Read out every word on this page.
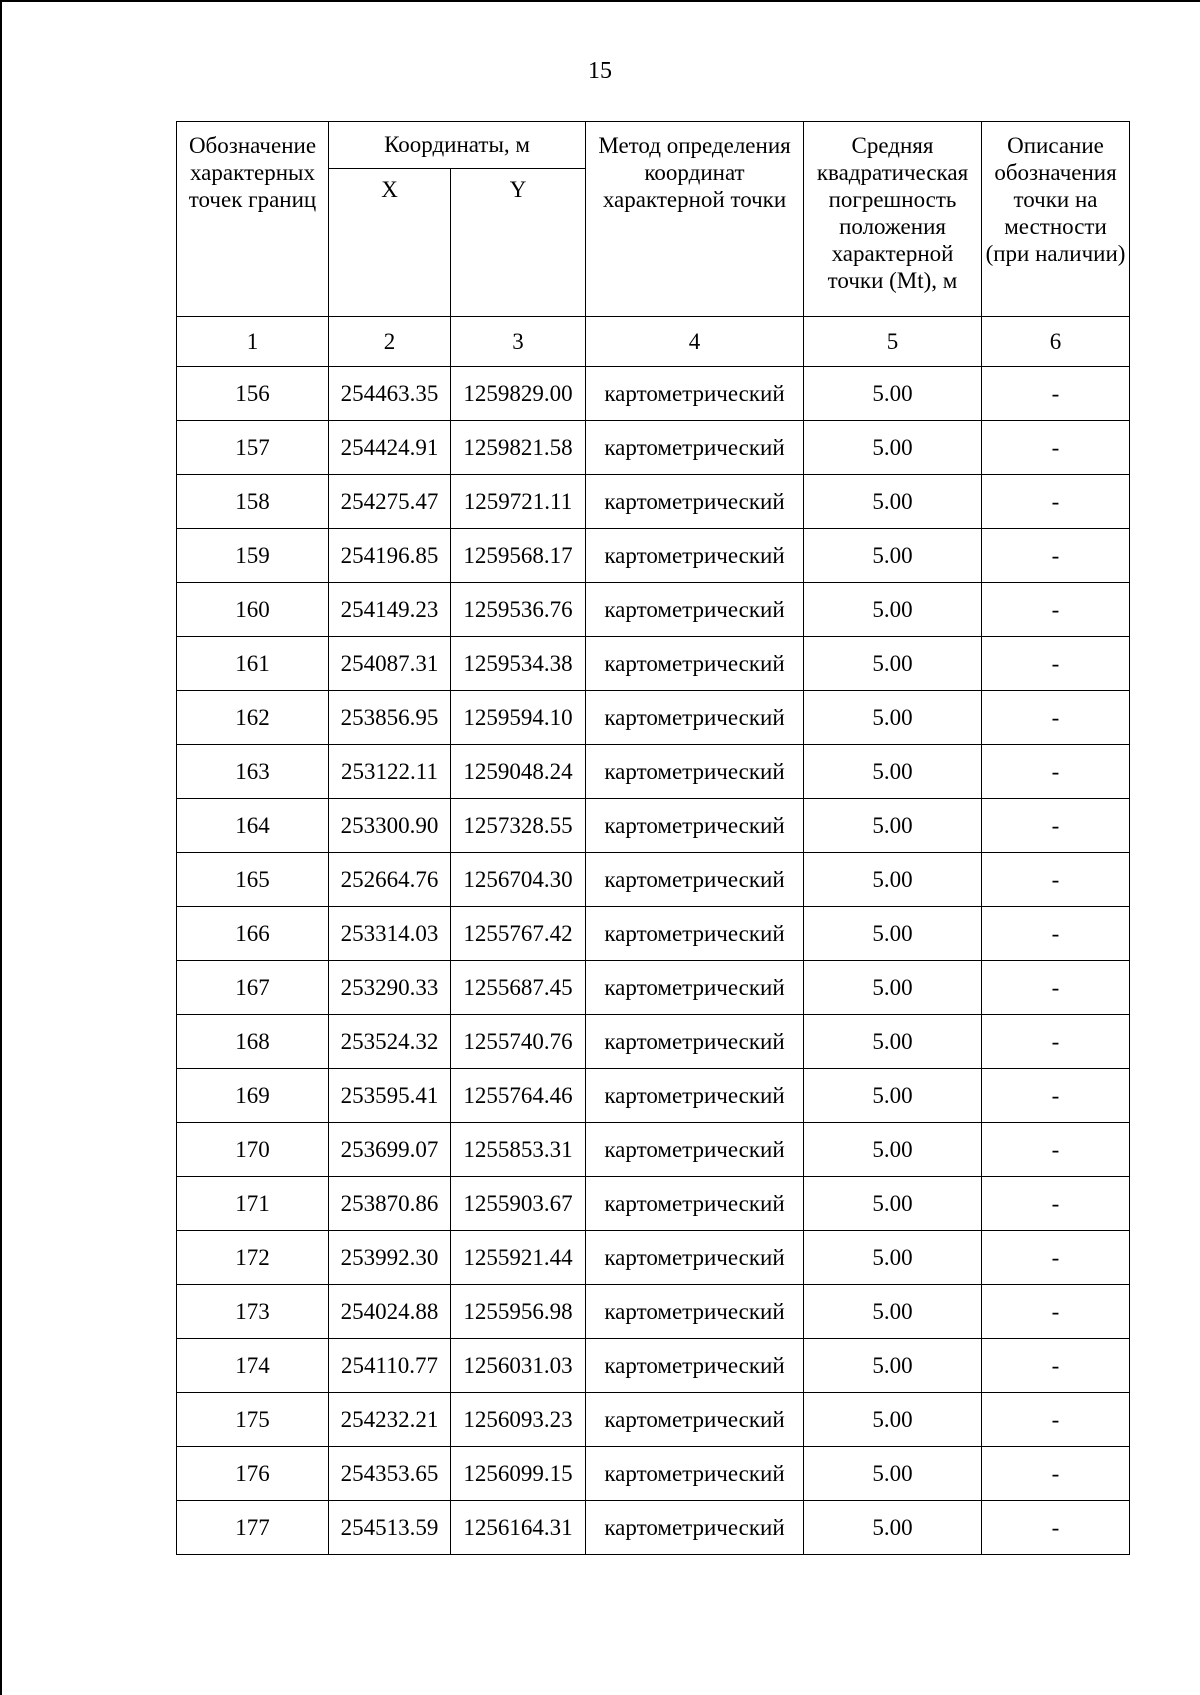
15
Обозначение характерных точек границ	Координаты, м		Метод определения координат характерной точки	Средняя квадратическая погрешность положения характерной точки (Mt), м	Описание обозначения точки на местности (при наличии)
	X	Y			
1	2	3	4	5	6
156	254463.35	1259829.00	картометрический	5.00	-
157	254424.91	1259821.58	картометрический	5.00	-
158	254275.47	1259721.11	картометрический	5.00	-
159	254196.85	1259568.17	картометрический	5.00	-
160	254149.23	1259536.76	картометрический	5.00	-
161	254087.31	1259534.38	картометрический	5.00	-
162	253856.95	1259594.10	картометрический	5.00	-
163	253122.11	1259048.24	картометрический	5.00	-
164	253300.90	1257328.55	картометрический	5.00	-
165	252664.76	1256704.30	картометрический	5.00	-
166	253314.03	1255767.42	картометрический	5.00	-
167	253290.33	1255687.45	картометрический	5.00	-
168	253524.32	1255740.76	картометрический	5.00	-
169	253595.41	1255764.46	картометрический	5.00	-
170	253699.07	1255853.31	картометрический	5.00	-
171	253870.86	1255903.67	картометрический	5.00	-
172	253992.30	1255921.44	картометрический	5.00	-
173	254024.88	1255956.98	картометрический	5.00	-
174	254110.77	1256031.03	картометрический	5.00	-
175	254232.21	1256093.23	картометрический	5.00	-
176	254353.65	1256099.15	картометрический	5.00	-
177	254513.59	1256164.31	картометрический	5.00	-
